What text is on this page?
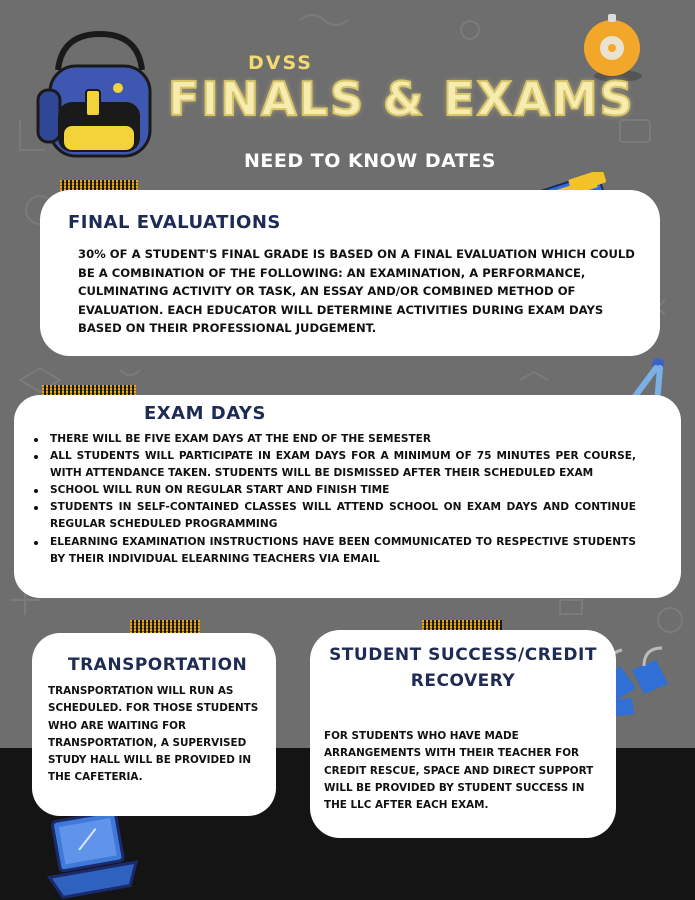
DVSS
FINALS & EXAMS
NEED TO KNOW DATES
FINAL EVALUATIONS
30% OF A STUDENT'S FINAL GRADE IS BASED ON A FINAL EVALUATION WHICH COULD BE A COMBINATION OF THE FOLLOWING: AN EXAMINATION, A PERFORMANCE, CULMINATING ACTIVITY OR TASK, AN ESSAY AND/OR COMBINED METHOD OF EVALUATION. EACH EDUCATOR WILL DETERMINE ACTIVITIES DURING EXAM DAYS BASED ON THEIR PROFESSIONAL JUDGEMENT.
EXAM DAYS
THERE WILL BE FIVE EXAM DAYS AT THE END OF THE SEMESTER
ALL STUDENTS WILL PARTICIPATE IN EXAM DAYS FOR A MINIMUM OF 75 MINUTES PER COURSE, WITH ATTENDANCE TAKEN. STUDENTS WILL BE DISMISSED AFTER THEIR SCHEDULED EXAM
SCHOOL WILL RUN ON REGULAR START AND FINISH TIME
STUDENTS IN SELF-CONTAINED CLASSES WILL ATTEND SCHOOL ON EXAM DAYS AND CONTINUE REGULAR SCHEDULED PROGRAMMING
ELEARNING EXAMINATION INSTRUCTIONS HAVE BEEN COMMUNICATED TO RESPECTIVE STUDENTS BY THEIR INDIVIDUAL ELEARNING TEACHERS VIA EMAIL
TRANSPORTATION
TRANSPORTATION WILL RUN AS SCHEDULED. FOR THOSE STUDENTS WHO ARE WAITING FOR TRANSPORTATION, A SUPERVISED STUDY HALL WILL BE PROVIDED IN THE CAFETERIA.
STUDENT SUCCESS/CREDIT RECOVERY
FOR STUDENTS WHO HAVE MADE ARRANGEMENTS WITH THEIR TEACHER FOR CREDIT RESCUE, SPACE AND DIRECT SUPPORT WILL BE PROVIDED BY STUDENT SUCCESS IN THE LLC AFTER EACH EXAM.
